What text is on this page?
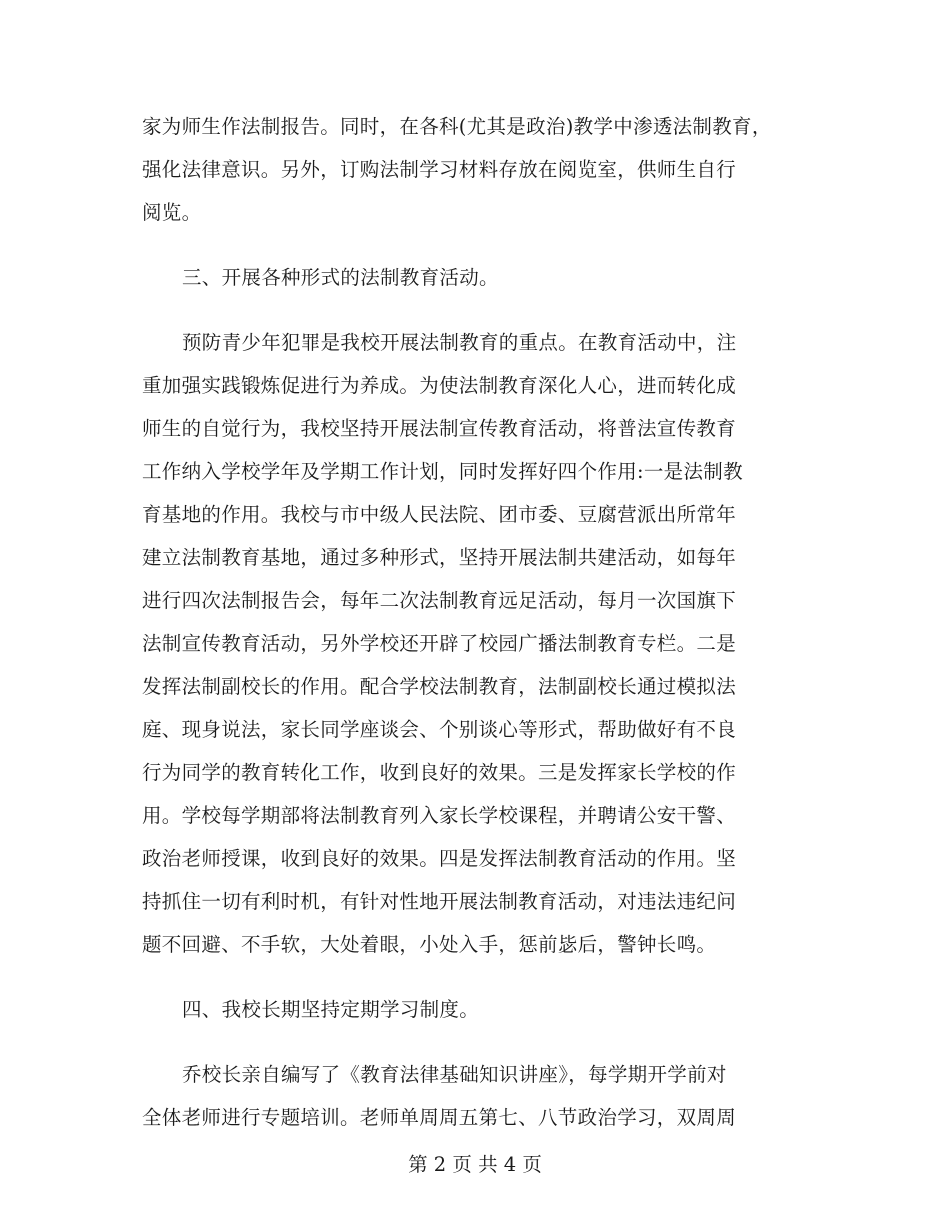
家为师生作法制报告。同时，在各科(尤其是政治)教学中渗透法制教育，
强化法律意识。另外，订购法制学习材料存放在阅览室，供师生自行
阅览。
三、开展各种形式的法制教育活动。
预防青少年犯罪是我校开展法制教育的重点。在教育活动中，注
重加强实践锻炼促进行为养成。为使法制教育深化人心，进而转化成
师生的自觉行为，我校坚持开展法制宣传教育活动，将普法宣传教育
工作纳入学校学年及学期工作计划，同时发挥好四个作用:一是法制教
育基地的作用。我校与市中级人民法院、团市委、豆腐营派出所常年
建立法制教育基地，通过多种形式，坚持开展法制共建活动，如每年
进行四次法制报告会，每年二次法制教育远足活动，每月一次国旗下
法制宣传教育活动，另外学校还开辟了校园广播法制教育专栏。二是
发挥法制副校长的作用。配合学校法制教育，法制副校长通过模拟法
庭、现身说法，家长同学座谈会、个别谈心等形式，帮助做好有不良
行为同学的教育转化工作，收到良好的效果。三是发挥家长学校的作
用。学校每学期部将法制教育列入家长学校课程，并聘请公安干警、
政治老师授课，收到良好的效果。四是发挥法制教育活动的作用。坚
持抓住一切有利时机，有针对性地开展法制教育活动，对违法违纪问
题不回避、不手软，大处着眼，小处入手，惩前毖后，警钟长鸣。
四、我校长期坚持定期学习制度。
乔校长亲自编写了《教育法律基础知识讲座》，每学期开学前对
全体老师进行专题培训。老师单周周五第七、八节政治学习，双周周
第 2 页 共 4 页
